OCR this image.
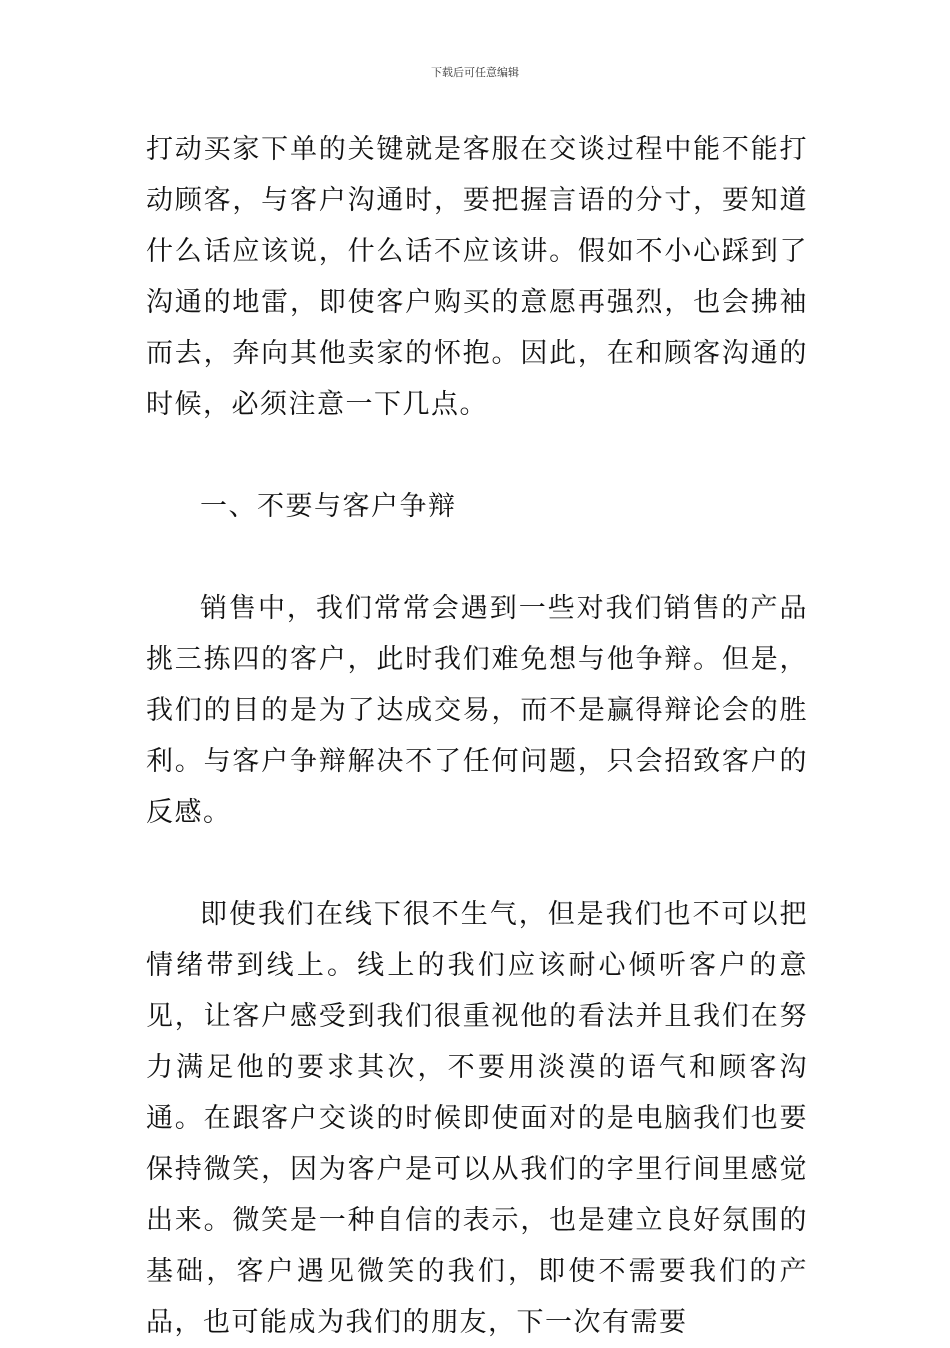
下载后可任意编辑

打动买家下单的关键就是客服在交谈过程中能不能打动顾客，与客户沟通时，要把握言语的分寸，要知道什么话应该说，什么话不应该讲。假如不小心踩到了沟通的地雷，即使客户购买的意愿再强烈，也会拂袖而去，奔向其他卖家的怀抱。因此，在和顾客沟通的时候，必须注意一下几点。

一、不要与客户争辩

销售中，我们常常会遇到一些对我们销售的产品挑三拣四的客户，此时我们难免想与他争辩。但是，我们的目的是为了达成交易，而不是赢得辩论会的胜利。与客户争辩解决不了任何问题，只会招致客户的反感。

即使我们在线下很不生气，但是我们也不可以把情绪带到线上。线上的我们应该耐心倾听客户的意见，让客户感受到我们很重视他的看法并且我们在努力满足他的要求其次，不要用淡漠的语气和顾客沟通。在跟客户交谈的时候即使面对的是电脑我们也要保持微笑，因为客户是可以从我们的字里行间里感觉出来。微笑是一种自信的表示，也是建立良好氛围的基础，客户遇见微笑的我们，即使不需要我们的产品，也可能成为我们的朋友，下一次有需要
